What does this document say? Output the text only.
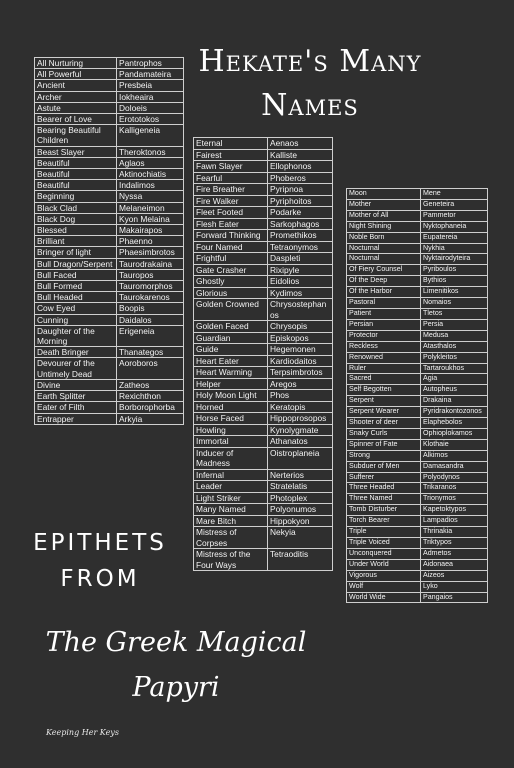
All Nurturing	Pantrophos
All Powerful	Pandamateira
Ancient	Presbeia
Archer	Iokheaira
Astute	Doloeis
Bearer of Love	Erototokos
Bearing Beautiful Children	Kalligeneia
Beast Slayer	Theroktonos
Beautiful	Aglaos
Beautiful	Aktinochiatis
Beautiful	Indalimos
Beginning	Nyssa
Black Clad	Melaneimon
Black Dog	Kyon Melaina
Blessed	Makairapos
Brilliant	Phaenno
Bringer of light	Phaesimbrotos
Bull Dragon/Serpent	Taurodrakaina
Bull Faced	Tauropos
Bull Formed	Tauromorphos
Bull Headed	Taurokarenos
Cow Eyed	Boopis
Cunning	Daidalos
Daughter of the Morning	Erigeneia
Death Bringer	Thanategos
Devourer of the Untimely Dead	Aoroboros
Divine	Zatheos
Earth Splitter	Rexichthon
Eater of Filth	Borborophorba
Entrapper	Arkyia
Eternal	Aenaos
Fairest	Kalliste
Fawn Slayer	Ellophonos
Fearful	Phoberos
Fire Breather	Pyripnoa
Fire Walker	Pyriphoitos
Fleet Footed	Podarke
Flesh Eater	Sarkophagos
Forward Thinking	Promethikos
Four Named	Tetraonymos
Frightful	Daspleti
Gate Crasher	Rixipyle
Ghostly	Eidolios
Glorious	Kydimos
Golden Crowned	Chrysostephanos
Golden Faced	Chrysopis
Guardian	Episkopos
Guide	Hegemonen
Heart Eater	Kardiodaitos
Heart Warming	Terpsimbrotos
Helper	Aregos
Holy Moon Light	Phos
Horned	Keratopis
Horse Faced	Hippoprosopos
Howling	Kynolygmate
Immortal	Athanatos
Inducer of Madness	Oistroplaneia
Infernal	Nerterios
Leader	Stratelatis
Light Striker	Photoplex
Many Named	Polyonumos
Mare Bitch	Hippokyon
Mistress of Corpses	Nekyia
Mistress of the Four Ways	Tetraoditis
Moon	Mene
Mother	Geneteira
Mother of All	Pammetor
Night Shining	Nyktophaneia
Noble Born	Eupatereia
Nocturnal	Nykhia
Nocturnal	Nyktairodyteira
Of Fiery Counsel	Pyriboulos
Of the Deep	Bythios
Of the Harbor	Limenitikos
Pastoral	Nomaios
Patient	Tletos
Persian	Persia
Protector	Medusa
Reckless	Atasthalos
Renowned	Polykleitos
Ruler	Tartaroukhos
Sacred	Agia
Self Begotten	Autopheus
Serpent	Drakaina
Serpent Wearer	Pyridrakontozonos
Shooter of deer	Elaphebolos
Snaky Curls	Ophioplokamos
Spinner of Fate	Klothaie
Strong	Alkimos
Subduer of Men	Damasandra
Sufferer	Polyodynos
Three Headed	Trikaranos
Three Named	Trionymos
Tomb Disturber	Kapetoktypos
Torch Bearer	Lampadios
Triple	Thrinakia
Triple Voiced	Triktypos
Unconquered	Admetos
Under World	Aidonaea
Vigorous	Aizeos
Wolf	Lyko
World Wide	Pangaios
Hekate's Many
Names
EPITHETS
FROM
The Greek Magical
Papyri
Keeping Her Keys
